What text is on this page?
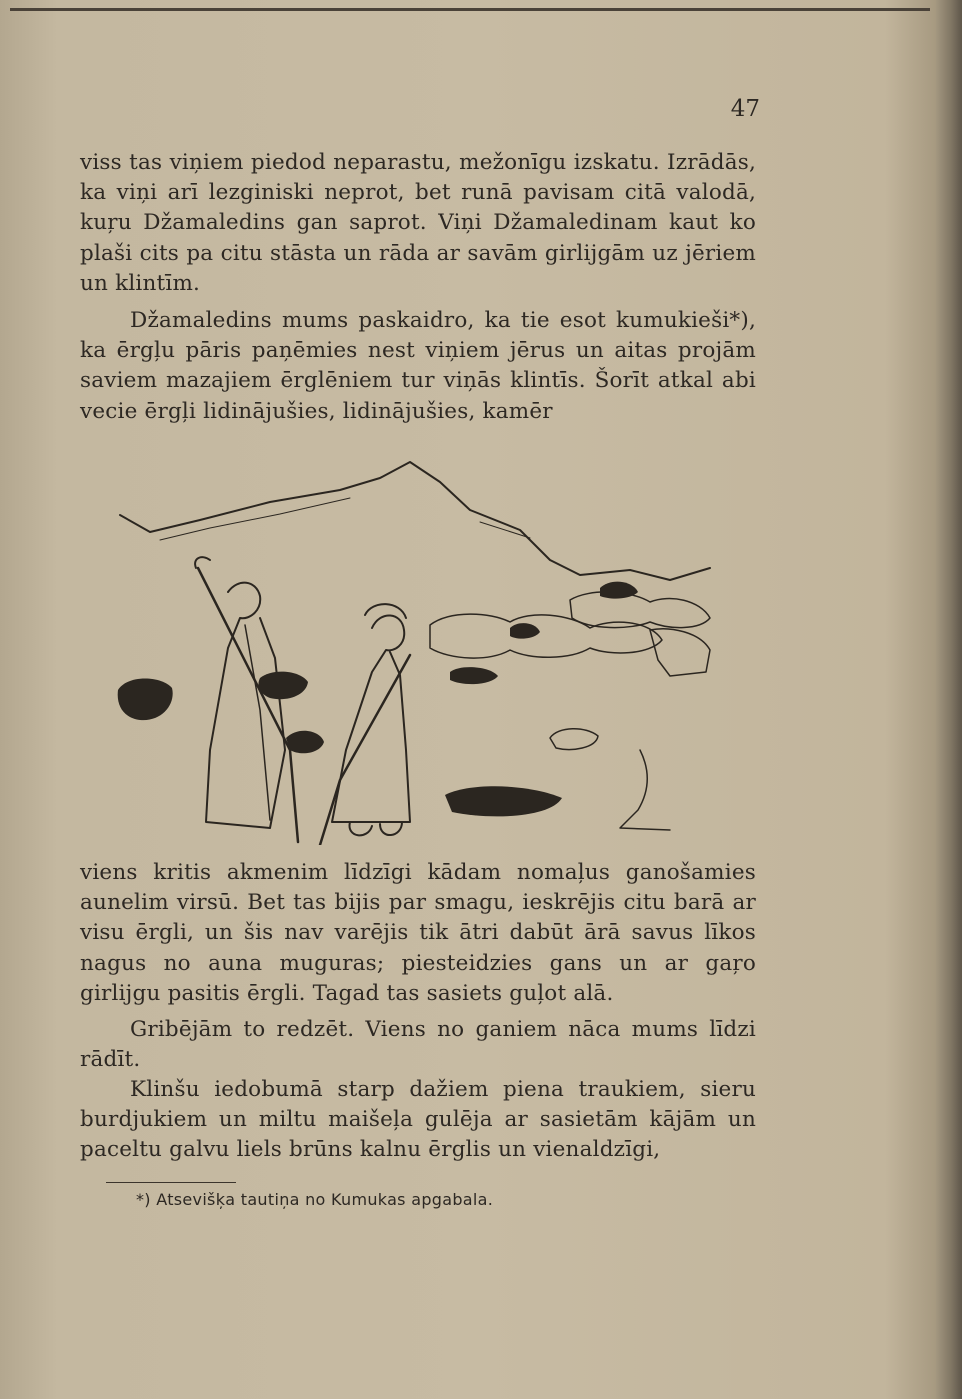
47

viss tas viņiem piedod neparastu, mežonīgu izskatu. Izrādās, ka viņi arī lezginiski neprot, bet runā pavisam citā valodā, kuŗu Džamaledins gan saprot. Viņi Džamaledinam kaut ko plaši cits pa citu stāsta un rāda ar savām girlijgām uz jēriem un klintīm.

Džamaledins mums paskaidro, ka tie esot kumukieši*), ka ērgļu pāris paņēmies nest viņiem jērus un aitas projām saviem mazajiem ērglēniem tur viņās klintīs. Šorīt atkal abi vecie ērgļi lidinājušies, lidinājušies, kamēr

viens kritis akmenim līdzīgi kādam nomaļus ganošamies aunelim virsū. Bet tas bijis par smagu, ieskrējis citu barā ar visu ērgli, un šis nav varējis tik ātri dabūt ārā savus līkos nagus no auna muguras; piesteidzies gans un ar gaŗo girlijgu pasitis ērgli. Tagad tas sasiets guļot alā.

Gribējām to redzēt. Viens no ganiem nāca mums līdzi rādīt.

Klinšu iedobumā starp dažiem piena traukiem, sieru burdjukiem un miltu maišeļa gulēja ar sasietām kājām un paceltu galvu liels brūns kalnu ērglis un vienaldzīgi,

*) Atsevišķa tautiņa no Kumukas apgabala.
